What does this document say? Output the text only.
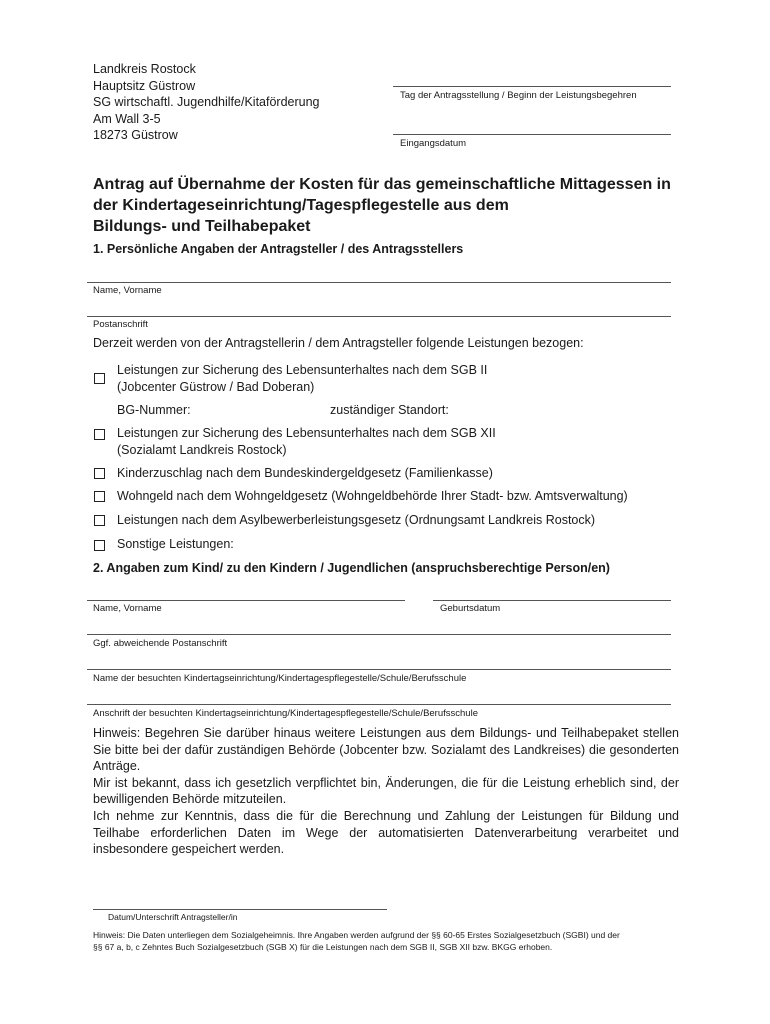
Landkreis Rostock
Hauptsitz Güstrow
SG wirtschaftl. Jugendhilfe/Kitaförderung
Am Wall 3-5
18273 Güstrow
Tag der Antragsstellung / Beginn der Leistungsbegehren
Eingangsdatum
Antrag auf Übernahme der Kosten für das gemeinschaftliche Mittagessen in
der Kindertageseinrichtung/Tagespflegestelle aus dem
Bildungs- und Teilhabepaket
1. Persönliche Angaben der Antragsteller / des Antragsstellers
Name, Vorname
Postanschrift
Derzeit werden von der Antragstellerin / dem Antragsteller folgende Leistungen bezogen:
Leistungen zur Sicherung des Lebensunterhaltes nach dem SGB II
(Jobcenter Güstrow / Bad Doberan)
BG-Nummer:	zuständiger Standort:
Leistungen zur Sicherung des Lebensunterhaltes nach dem SGB XII
(Sozialamt Landkreis Rostock)
Kinderzuschlag nach dem Bundeskindergeldgesetz (Familienkasse)
Wohngeld nach dem Wohngeldgesetz (Wohngeldbehörde Ihrer Stadt- bzw. Amtsverwaltung)
Leistungen nach dem Asylbewerberleistungsgesetz (Ordnungsamt Landkreis Rostock)
Sonstige Leistungen:
2. Angaben zum Kind/ zu den Kindern / Jugendlichen (anspruchsberechtige Person/en)
Name, Vorname	Geburtsdatum
Ggf. abweichende Postanschrift
Name der besuchten Kindertagseinrichtung/Kindertagespflegestelle/Schule/Berufsschule
Anschrift der besuchten Kindertagseinrichtung/Kindertagespflegestelle/Schule/Berufsschule

Hinweis: Begehren Sie darüber hinaus weitere Leistungen aus dem Bildungs- und Teilhabepaket stellen Sie bitte bei der dafür zuständigen Behörde (Jobcenter bzw. Sozialamt des Landkreises) die gesonderten Anträge.

Mir ist bekannt, dass ich gesetzlich verpflichtet bin, Änderungen, die für die Leistung erheblich sind, der bewilligenden Behörde mitzuteilen.

Ich nehme zur Kenntnis, dass die für die Berechnung und Zahlung der Leistungen für Bildung und Teilhabe erforderlichen Daten im Wege der automatisierten Datenverarbeitung verarbeitet und insbesondere gespeichert werden.

Datum/Unterschrift Antragsteller/in
Hinweis: Die Daten unterliegen dem Sozialgeheimnis. Ihre Angaben werden aufgrund der §§ 60-65 Erstes Sozialgesetzbuch (SGBI) und der
§§ 67 a, b, c Zehntes Buch Sozialgesetzbuch (SGB X) für die Leistungen nach dem SGB II, SGB XII bzw. BKGG erhoben.
